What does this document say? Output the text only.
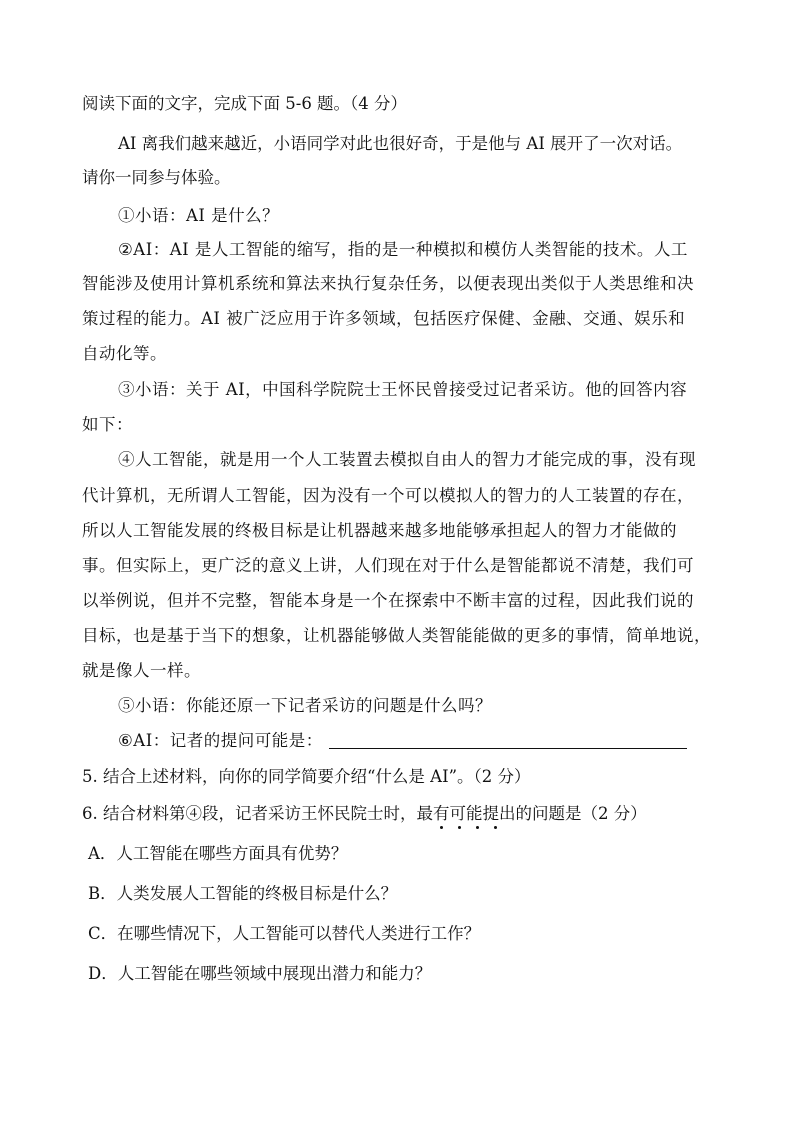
阅读下面的文字，完成下面 5-6 题。（4 分）
AI 离我们越来越近，小语同学对此也很好奇，于是他与 AI 展开了一次对话。
请你一同参与体验。
①小语：AI 是什么？
②AI：AI 是人工智能的缩写，指的是一种模拟和模仿人类智能的技术。人工
智能涉及使用计算机系统和算法来执行复杂任务，以便表现出类似于人类思维和决
策过程的能力。AI 被广泛应用于许多领域，包括医疗保健、金融、交通、娱乐和
自动化等。
③小语：关于 AI，中国科学院院士王怀民曾接受过记者采访。他的回答内容
如下：
④人工智能，就是用一个人工装置去模拟自由人的智力才能完成的事，没有现
代计算机，无所谓人工智能，因为没有一个可以模拟人的智力的人工装置的存在，
所以人工智能发展的终极目标是让机器越来越多地能够承担起人的智力才能做的
事。但实际上，更广泛的意义上讲，人们现在对于什么是智能都说不清楚，我们可
以举例说，但并不完整，智能本身是一个在探索中不断丰富的过程，因此我们说的
目标，也是基于当下的想象，让机器能够做人类智能能做的更多的事情，简单地说，
就是像人一样。
⑤小语：你能还原一下记者采访的问题是什么吗？
⑥AI：记者的提问可能是：
5. 结合上述材料，向你的同学简要介绍“什么是 AI”。（2 分）
6. 结合材料第④段，记者采访王怀民院士时，最有可能提出的问题是（2 分）
A．人工智能在哪些方面具有优势？
B．人类发展人工智能的终极目标是什么？
C．在哪些情况下，人工智能可以替代人类进行工作？
D．人工智能在哪些领域中展现出潜力和能力？
